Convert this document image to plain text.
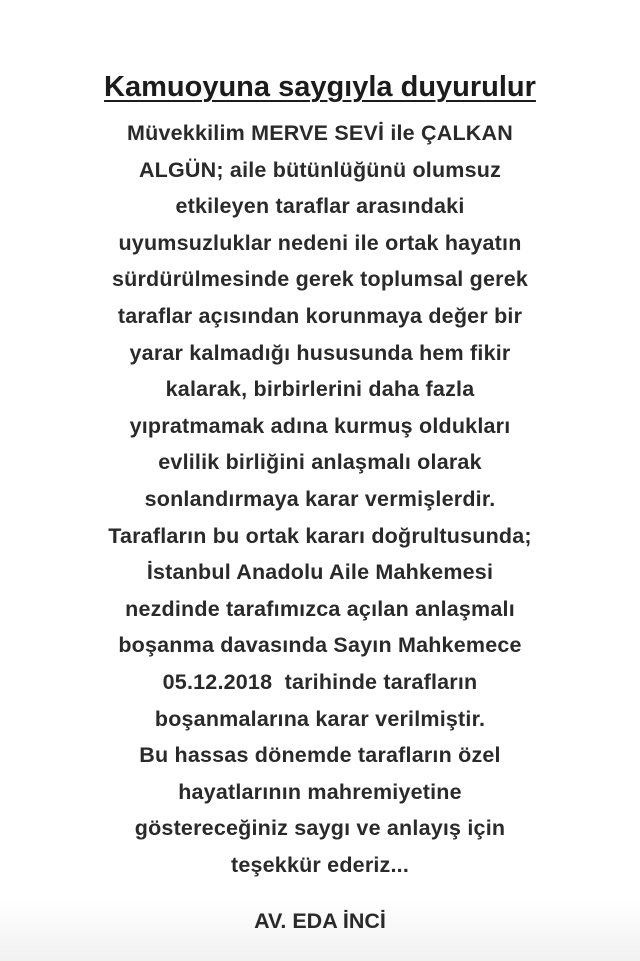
Kamuoyuna saygıyla duyurulur
Müvekkilim MERVE SEVİ ile ÇALKAN
ALGÜN; aile bütünlüğünü olumsuz
etkileyen taraflar arasındaki
uyumsuzluklar nedeni ile ortak hayatın
sürdürülmesinde gerek toplumsal gerek
taraflar açısından korunmaya değer bir
yarar kalmadığı hususunda hem fikir
kalarak, birbirlerini daha fazla
yıpratmamak adına kurmuş oldukları
evlilik birliğini anlaşmalı olarak
sonlandırmaya karar vermişlerdir.
Tarafların bu ortak kararı doğrultusunda;
İstanbul Anadolu Aile Mahkemesi
nezdinde tarafımızca açılan anlaşmalı
boşanma davasında Sayın Mahkemece
05.12.2018  tarihinde tarafların
boşanmalarına karar verilmiştir.
Bu hassas dönemde tarafların özel
hayatlarının mahremiyetine
göstereceğiniz saygı ve anlayış için
teşekkür ederiz...

AV. EDA İNCİ
